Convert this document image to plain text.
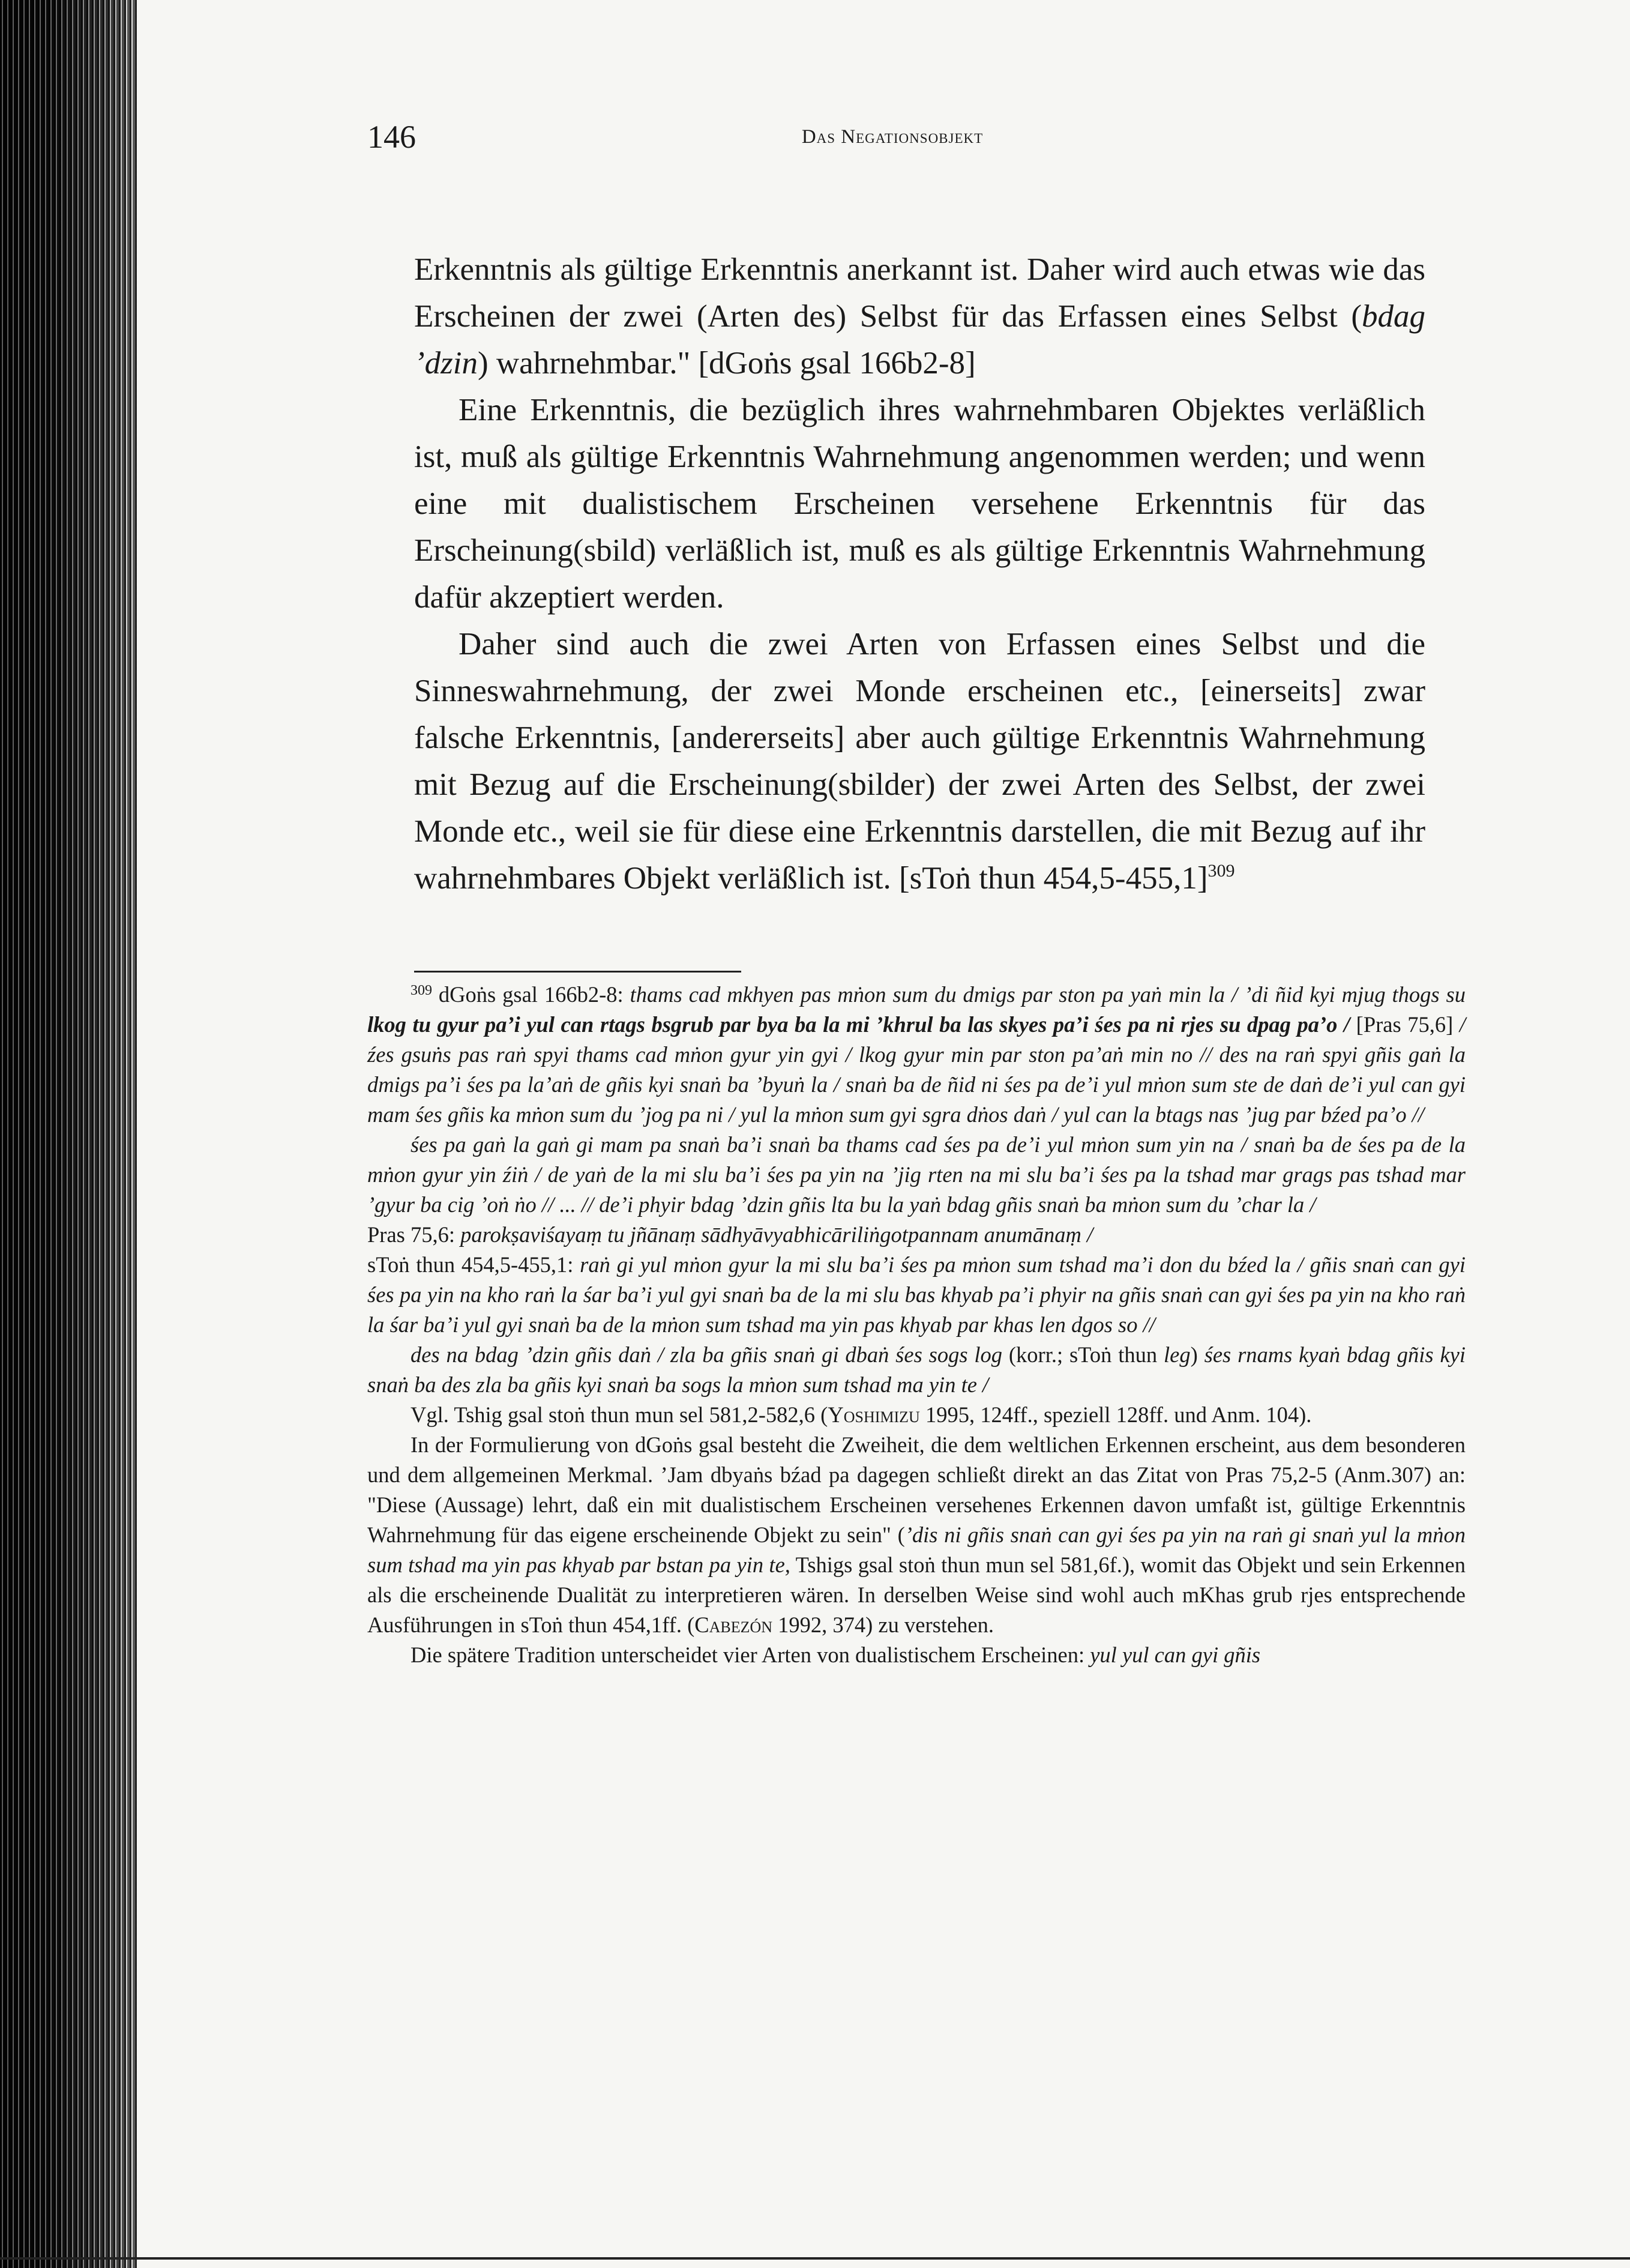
146	Das Negationsobjekt

Erkenntnis als gültige Erkenntnis anerkannt ist. Daher wird auch etwas wie das Erscheinen der zwei (Arten des) Selbst für das Erfassen eines Selbst (bdag ’dzin) wahrnehmbar." [dGoṅs gsal 166b2-8]

Eine Erkenntnis, die bezüglich ihres wahrnehmbaren Objektes verläßlich ist, muß als gültige Erkenntnis Wahrnehmung angenommen werden; und wenn eine mit dualistischem Erscheinen versehene Erkenntnis für das Erscheinung(sbild) verläßlich ist, muß es als gültige Erkenntnis Wahrnehmung dafür akzeptiert werden.

Daher sind auch die zwei Arten von Erfassen eines Selbst und die Sinneswahrnehmung, der zwei Monde erscheinen etc., [einerseits] zwar falsche Erkenntnis, [andererseits] aber auch gültige Erkenntnis Wahrnehmung mit Bezug auf die Erscheinung(sbilder) der zwei Arten des Selbst, der zwei Monde etc., weil sie für diese eine Erkenntnis darstellen, die mit Bezug auf ihr wahrnehmbares Objekt verläßlich ist. [sToṅ thun 454,5-455,1]$^{309}$

$^{309}$ dGoṅs gsal 166b2-8: thams cad mkhyen pas mṅon sum du dmigs par ston pa yaṅ min la / ’di ñid kyi mjug thogs su lkog tu gyur pa’i yul can rtags bsgrub par bya ba la mi ’khrul ba las skyes pa’i śes pa ni rjes su dpag pa’o / [Pras 75,6] / źes gsuṅs pas raṅ spyi thams cad mṅon gyur yin gyi / lkog gyur min par ston pa’aṅ min no // des na raṅ spyi gñis gaṅ la dmigs pa’i śes pa la’aṅ de gñis kyi snaṅ ba ’byuṅ la / snaṅ ba de ñid ni śes pa de’i yul mṅon sum ste de daṅ de’i yul can gyi mam śes gñis ka mṅon sum du ’jog pa ni / yul la mṅon sum gyi sgra dṅos daṅ / yul can la btags nas ’jug par bźed pa’o //

śes pa gaṅ la gaṅ gi mam pa snaṅ ba’i snaṅ ba thams cad śes pa de’i yul mṅon sum yin na / snaṅ ba de śes pa de la mṅon gyur yin źiṅ / de yaṅ de la mi slu ba’i śes pa yin na ’jig rten na mi slu ba’i śes pa la tshad mar grags pas tshad mar ’gyur ba cig ’oṅ ṅo // ... // de’i phyir bdag ’dzin gñis lta bu la yaṅ bdag gñis snaṅ ba mṅon sum du ’char la /

Pras 75,6: parokṣaviśayaṃ tu jñānaṃ sādhyāvyabhicāriliṅgotpannam anumānaṃ /

sToṅ thun 454,5-455,1: raṅ gi yul mṅon gyur la mi slu ba’i śes pa mṅon sum tshad ma’i don du bźed la / gñis snaṅ can gyi śes pa yin na kho raṅ la śar ba’i yul gyi snaṅ ba de la mi slu bas khyab pa’i phyir na gñis snaṅ can gyi śes pa yin na kho raṅ la śar ba’i yul gyi snaṅ ba de la mṅon sum tshad ma yin pas khyab par khas len dgos so //

des na bdag ’dzin gñis daṅ / zla ba gñis snaṅ gi dbaṅ śes sogs log (korr.; sToṅ thun leg) śes rnams kyaṅ bdag gñis kyi snaṅ ba des zla ba gñis kyi snaṅ ba sogs la mṅon sum tshad ma yin te /

Vgl. Tshig gsal stoṅ thun mun sel 581,2-582,6 (Yoshimizu 1995, 124ff., speziell 128ff. und Anm. 104).

In der Formulierung von dGoṅs gsal besteht die Zweiheit, die dem weltlichen Erkennen erscheint, aus dem besonderen und dem allgemeinen Merkmal. ’Jam dbyaṅs bźad pa dagegen schließt direkt an das Zitat von Pras 75,2-5 (Anm.307) an: "Diese (Aussage) lehrt, daß ein mit dualistischem Erscheinen versehenes Erkennen davon umfaßt ist, gültige Erkenntnis Wahrnehmung für das eigene erscheinende Objekt zu sein" (’dis ni gñis snaṅ can gyi śes pa yin na raṅ gi snaṅ yul la mṅon sum tshad ma yin pas khyab par bstan pa yin te, Tshigs gsal stoṅ thun mun sel 581,6f.), womit das Objekt und sein Erkennen als die erscheinende Dualität zu interpretieren wären. In derselben Weise sind wohl auch mKhas grub rjes entsprechende Ausführungen in sToṅ thun 454,1ff. (Cabezón 1992, 374) zu verstehen.

Die spätere Tradition unterscheidet vier Arten von dualistischem Erscheinen: yul yul can gyi gñis
